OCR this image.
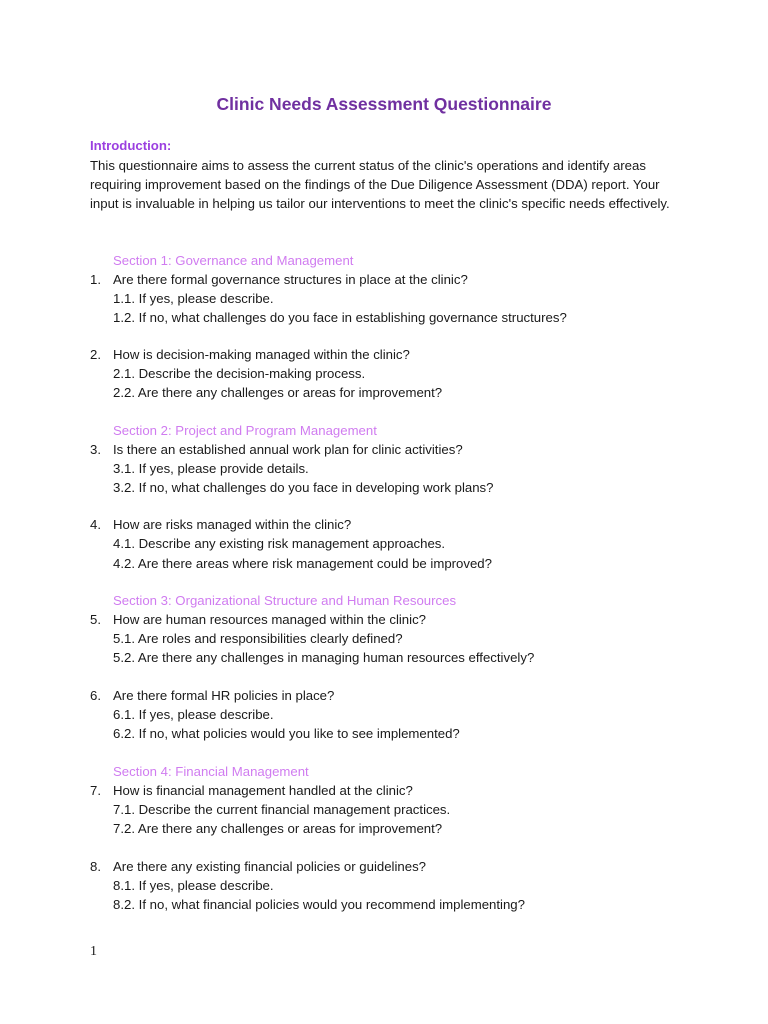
Clinic Needs Assessment Questionnaire
Introduction:
This questionnaire aims to assess the current status of the clinic's operations and identify areas requiring improvement based on the findings of the Due Diligence Assessment (DDA) report. Your input is invaluable in helping us tailor our interventions to meet the clinic's specific needs effectively.
Section 1: Governance and Management
1. Are there formal governance structures in place at the clinic?
1.1. If yes, please describe.
1.2. If no, what challenges do you face in establishing governance structures?
2. How is decision-making managed within the clinic?
2.1. Describe the decision-making process.
2.2. Are there any challenges or areas for improvement?
Section 2: Project and Program Management
3. Is there an established annual work plan for clinic activities?
3.1. If yes, please provide details.
3.2. If no, what challenges do you face in developing work plans?
4. How are risks managed within the clinic?
4.1. Describe any existing risk management approaches.
4.2. Are there areas where risk management could be improved?
Section 3: Organizational Structure and Human Resources
5. How are human resources managed within the clinic?
5.1. Are roles and responsibilities clearly defined?
5.2. Are there any challenges in managing human resources effectively?
6. Are there formal HR policies in place?
6.1. If yes, please describe.
6.2. If no, what policies would you like to see implemented?
Section 4: Financial Management
7. How is financial management handled at the clinic?
7.1. Describe the current financial management practices.
7.2. Are there any challenges or areas for improvement?
8. Are there any existing financial policies or guidelines?
8.1. If yes, please describe.
8.2. If no, what financial policies would you recommend implementing?
1
